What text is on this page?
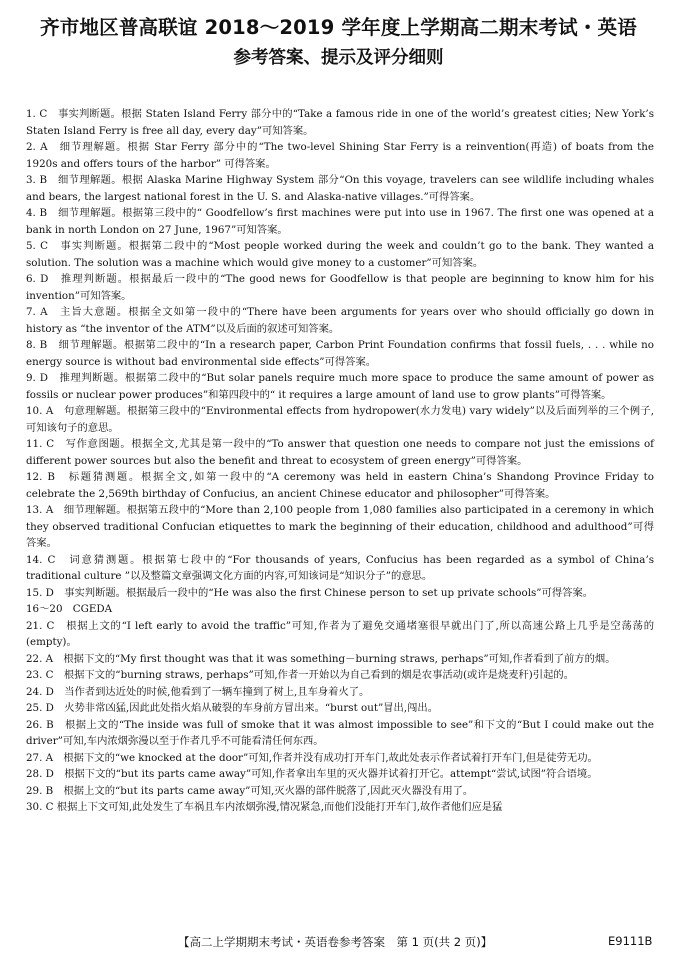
齐市地区普高联谊 2018～2019 学年度上学期高二期末考试・英语
参考答案、提示及评分细则

1. C　事实判断题。根据 Staten Island Ferry 部分中的“Take a famous ride in one of the world’s greatest cities; New York’s Staten Island Ferry is free all day, every day”可知答案。

2. A　细节理解题。根据 Star Ferry 部分中的“The two-level Shining Star Ferry is a reinvention(再造) of boats from the 1920s and offers tours of the harbor” 可得答案。

3. B　细节理解题。根据 Alaska Marine Highway System 部分“On this voyage, travelers can see wildlife including whales and bears, the largest national forest in the U. S. and Alaska-native villages.”可得答案。

4. B　细节理解题。根据第三段中的“ Goodfellow’s first machines were put into use in 1967. The first one was opened at a bank in north London on 27 June, 1967”可知答案。

5. C　事实判断题。根据第二段中的“Most people worked during the week and couldn’t go to the bank. They wanted a solution. The solution was a machine which would give money to a customer”可知答案。

6. D　推理判断题。根据最后一段中的“The good news for Goodfellow is that people are beginning to know him for his invention”可知答案。

7. A　主旨大意题。根据全文如第一段中的“There have been arguments for years over who should officially go down in history as “the inventor of the ATM”以及后面的叙述可知答案。

8. B　细节理解题。根据第二段中的“In a research paper, Carbon Print Foundation confirms that fossil fuels, . . . while no energy source is without bad environmental side effects”可得答案。

9. D　推理判断题。根据第二段中的“But solar panels require much more space to produce the same amount of power as fossils or nuclear power produces”和第四段中的“ it requires a large amount of land use to grow plants”可得答案。

10. A　句意理解题。根据第三段中的“Environmental effects from hydropower(水力发电) vary widely”以及后面列举的三个例子,可知该句子的意思。

11. C　写作意图题。根据全文,尤其是第一段中的“To answer that question one needs to compare not just the emissions of different power sources but also the benefit and threat to ecosystem of green energy”可得答案。

12. B　标题猜测题。根据全文,如第一段中的“A ceremony was held in eastern China’s Shandong Province Friday to celebrate the 2,569th birthday of Confucius, an ancient Chinese educator and philosopher”可得答案。

13. A　细节理解题。根据第五段中的“More than 2,100 people from 1,080 families also participated in a ceremony in which they observed traditional Confucian etiquettes to mark the beginning of their education, childhood and adulthood”可得答案。

14. C　词意猜测题。根据第七段中的“For thousands of years, Confucius has been regarded as a symbol of China’s traditional culture ”以及整篇文章强调文化方面的内容,可知该词是“知识分子”的意思。

15. D　事实判断题。根据最后一段中的“He was also the first Chinese person to set up private schools”可得答案。

16～20　CGEDA

21. C　根据上文的“I left early to avoid the traffic”可知,作者为了避免交通堵塞很早就出门了,所以高速公路上几乎是空荡荡的(empty)。

22. A　根据下文的“My first thought was that it was something－burning straws, perhaps”可知,作者看到了前方的烟。

23. C　根据下文的“burning straws, perhaps”可知,作者一开始以为自己看到的烟是农事活动(或许是烧麦秆)引起的。

24. D　当作者到达近处的时候,他看到了一辆车撞到了树上,且车身着火了。

25. D　火势非常凶猛,因此此处指火焰从破裂的车身前方冒出来。“burst out”冒出,闯出。

26. B　根据上文的“The inside was full of smoke that it was almost impossible to see”和下文的“But I could make out the driver”可知,车内浓烟弥漫以至于作者几乎不可能看清任何东西。

27. A　根据下文的“we knocked at the door”可知,作者并没有成功打开车门,故此处表示作者试着打开车门,但是徒劳无功。

28. D　根据下文的“but its parts came away”可知,作者拿出车里的灭火器并试着打开它。attempt“尝试,试图”符合语境。

29. B　根据上文的“but its parts came away”可知,灭火器的部件脱落了,因此灭火器没有用了。

30. C 根据上下文可知,此处发生了车祸且车内浓烟弥漫,情况紧急,而他们没能打开车门,故作者他们应是猛

【高二上学期期末考试・英语卷参考答案　第 1 页(共 2 页)】	E9111B
